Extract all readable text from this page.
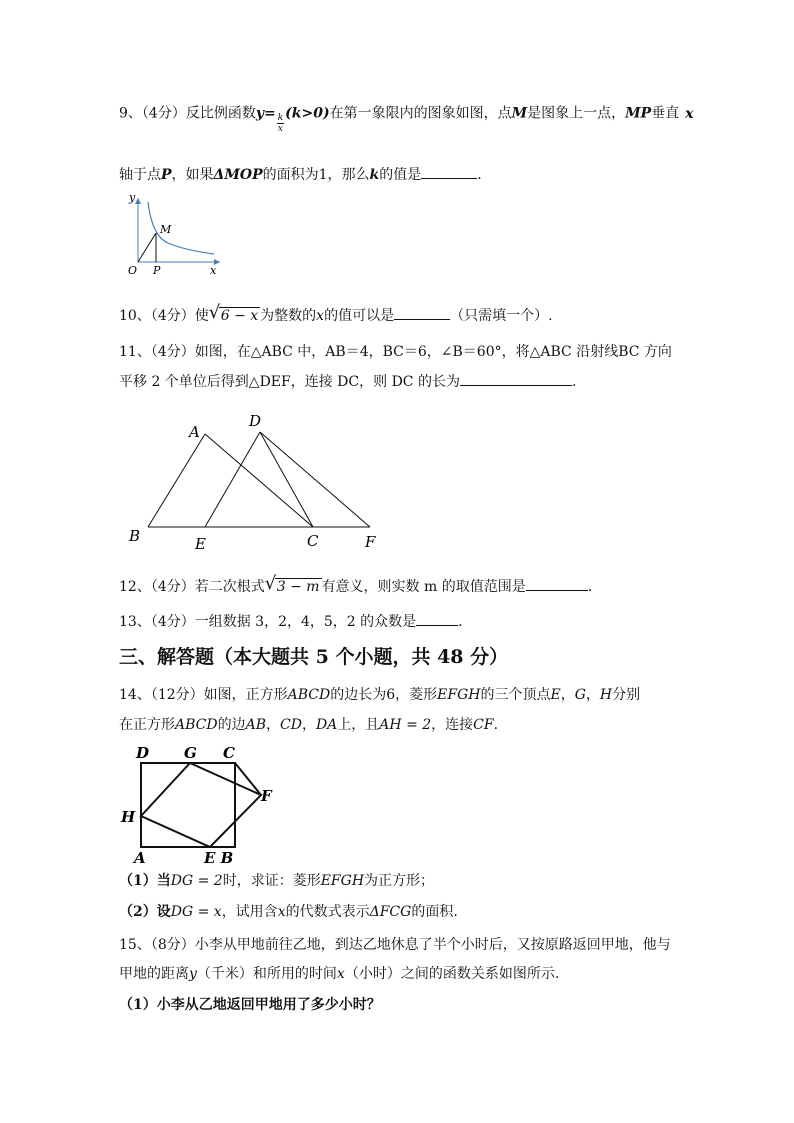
9、（4分）反比例函数$y= \frac{k}{x} (k>0)$在第一象限内的图象如图，点M是图象上一点，MP垂直 x
轴于点P，如果ΔMOP的面积为1，那么k的值是	.
y
x
O P
M
10、（4分）使 √ 6 − x 为整数的x的值可以是	（只需填一个）.
11、（4分）如图，在△ABC 中，AB＝4，BC＝6，∠B＝60°，将△ABC 沿射线BC 方向
平移 2 个单位后得到△DEF，连接 DC，则 DC 的长为	.
A
B	C
D
E	F
12、（4分）若二次根式 √ 3 − m 有意义，则实数 m 的取值范围是	.
13、（4分）一组数据 3，2，4，5，2 的众数是	.
三、解答题（本大题共 5 个小题，共 48 分）
14、（12分）如图，正方形ABCD的边长为6，菱形EFGH的三个顶点E，G，H分别
在正方形ABCD的边AB，CD，DA上，且AH = 2，连接CF.
D G C
F
H
A	E B
（1）当DG = 2时，求证：菱形EFGH为正方形；
（2）设DG = x，试用含x的代数式表示ΔFCG的面积.
15、（8分）小李从甲地前往乙地，到达乙地休息了半个小时后，又按原路返回甲地，他与
甲地的距离y（千米）和所用的时间x（小时）之间的函数关系如图所示.
（1）小李从乙地返回甲地用了多少小时？
